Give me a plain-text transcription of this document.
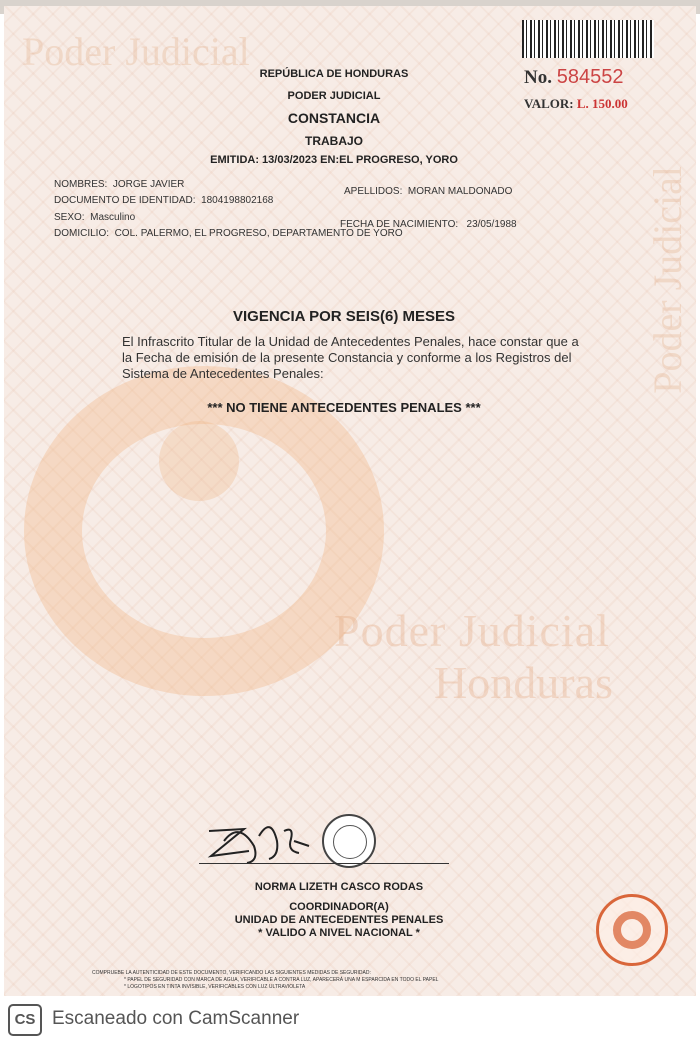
Poder Judicial
Poder Judicial
Poder Judicial
Honduras
No. 584552
VALOR: L. 150.00
REPÚBLICA DE HONDURAS
PODER JUDICIAL
CONSTANCIA
TRABAJO
EMITIDA: 13/03/2023 EN:EL PROGRESO, YORO
NOMBRES: JORGE JAVIER
APELLIDOS: MORAN MALDONADO
DOCUMENTO DE IDENTIDAD: 1804198802168
SEXO: Masculino
FECHA DE NACIMIENTO: 23/05/1988
DOMICILIO: COL. PALERMO, EL PROGRESO, DEPARTAMENTO DE YORO
VIGENCIA POR SEIS(6) MESES
El Infrascrito Titular de la Unidad de Antecedentes Penales, hace constar que a la Fecha de emisión de la presente Constancia y conforme a los Registros del Sistema de Antecedentes Penales:
*** NO TIENE ANTECEDENTES PENALES ***
NORMA LIZETH CASCO RODAS
COORDINADOR(A)
UNIDAD DE ANTECEDENTES PENALES
* VALIDO A NIVEL NACIONAL *
COMPRUEBE LA AUTENTICIDAD DE ESTE DOCUMENTO, VERIFICANDO LAS SIGUIENTES MEDIDAS DE SEGURIDAD:
* PAPEL DE SEGURIDAD CON MARCA DE AGUA, VERIFICABLE A CONTRA LUZ, APARECERÁ UNA M ESPARCIDA EN TODO EL PAPEL
* LOGOTIPOS EN TINTA INVISIBLE, VERIFICABLES CON LUZ ULTRAVIOLETA
CS Escaneado con CamScanner
